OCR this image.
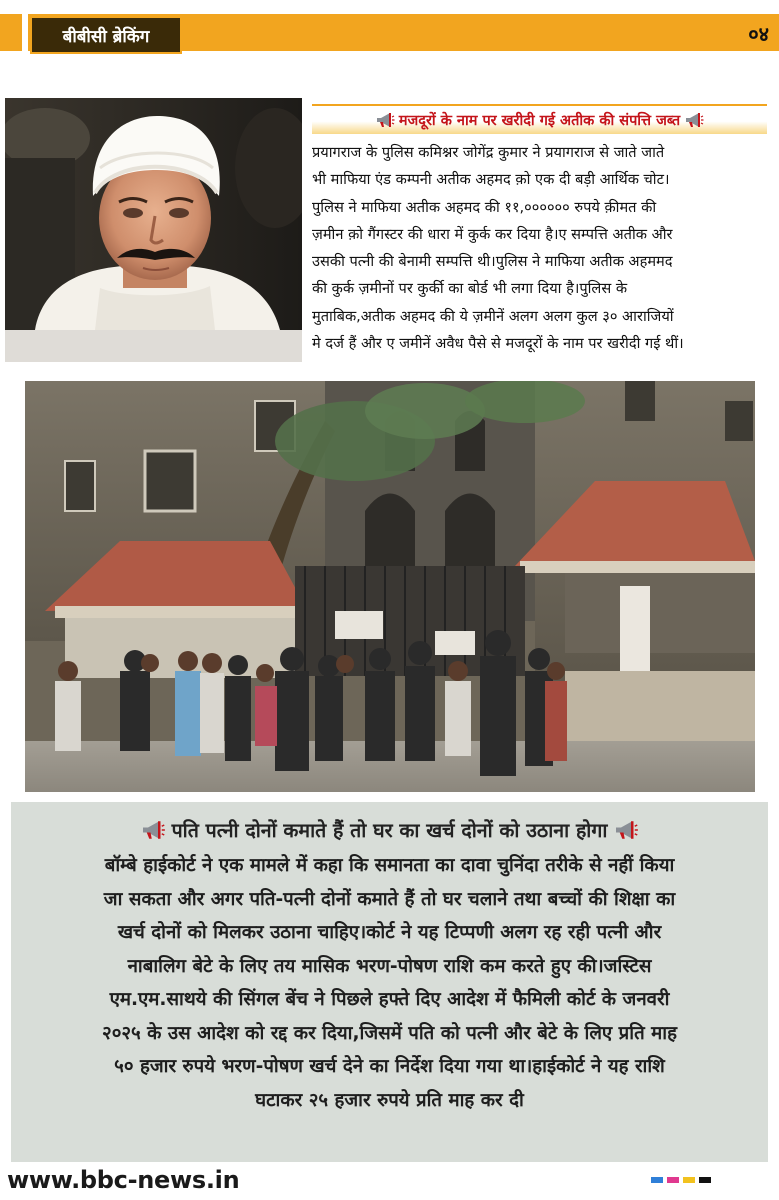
बीबीसी ब्रेकिंग	०४
मजदूरों के नाम पर खरीदी गई अतीक की संपत्ति जब्त
प्रयागराज के पुलिस कमिश्नर जोगेंद्र कुमार ने प्रयागराज से जाते जाते
भी माफिया एंड कम्पनी अतीक अहमद क़ो एक दी बड़ी आर्थिक चोट।
पुलिस ने माफिया अतीक अहमद की ११,०००००० रुपये क़ीमत की
ज़मीन क़ो गैंगस्टर की धारा में कुर्क कर दिया है।ए सम्पत्ति अतीक और
उसकी पत्नी की बेनामी सम्पत्ति थी।पुलिस ने माफिया अतीक अहममद
की कुर्क ज़मीनों पर कुर्की का बोर्ड भी लगा दिया है।पुलिस के
मुताबिक,अतीक अहमद की ये ज़मीनें अलग अलग कुल ३० आराजियों
मे दर्ज हैं और ए जमीनें अवैध पैसे से मजदूरों के नाम पर खरीदी गई थीं।
पति पत्नी दोनों कमाते हैं तो घर का खर्च दोनों को उठाना होगा
बॉम्बे हाईकोर्ट ने एक मामले में कहा कि समानता का दावा चुनिंदा तरीके से नहीं किया
जा सकता और अगर पति-पत्नी दोनों कमाते हैं तो घर चलाने तथा बच्चों की शिक्षा का
खर्च दोनों को मिलकर उठाना चाहिए।कोर्ट ने यह टिप्पणी अलग रह रही पत्नी और
नाबालिग बेटे के लिए तय मासिक भरण-पोषण राशि कम करते हुए की।जस्टिस
एम.एम.साथये की सिंगल बेंच ने पिछले हफ्ते दिए आदेश में फैमिली कोर्ट के जनवरी
२०२५ के उस आदेश को रद्द कर दिया,जिसमें पति को पत्नी और बेटे के लिए प्रति माह
५० हजार रुपये भरण-पोषण खर्च देने का निर्देश दिया गया था।हाईकोर्ट ने यह राशि
घटाकर २५ हजार रुपये प्रति माह कर दी
www.bbc-news.in
